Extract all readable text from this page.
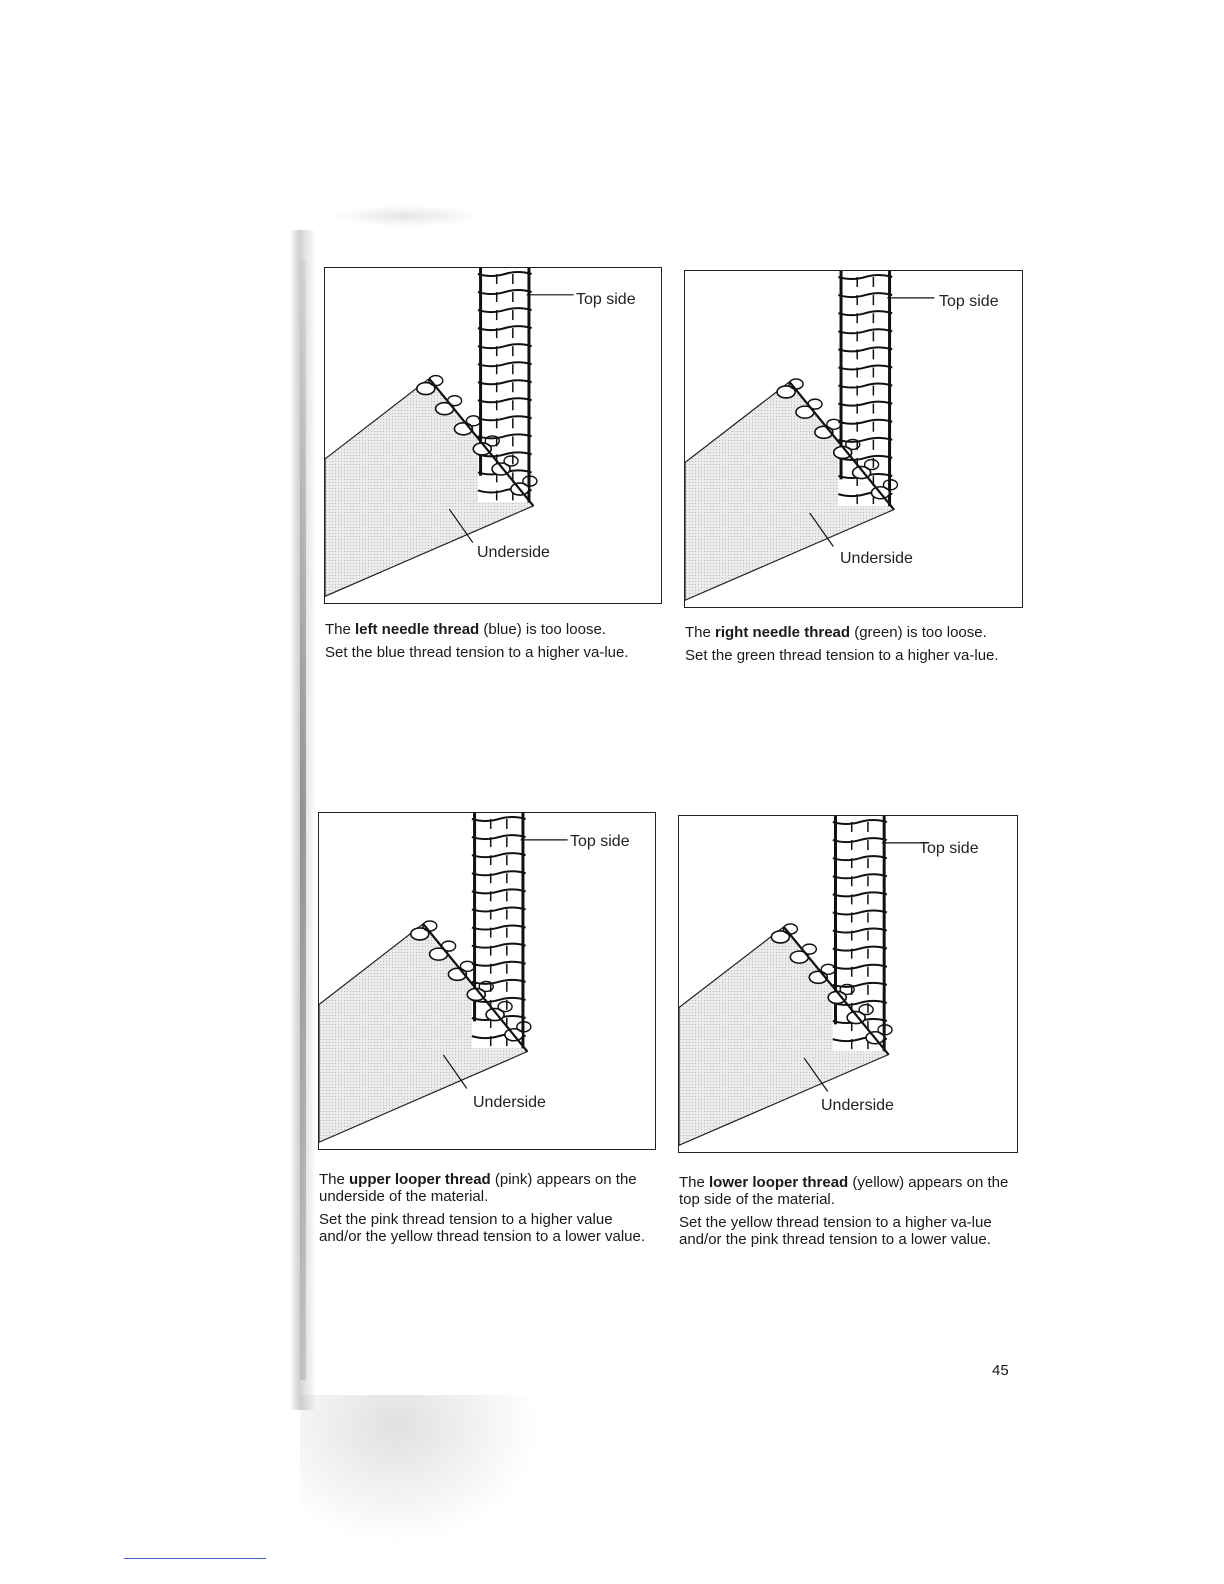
Top side
Underside

The left needle thread (blue) is too loose.

Set the blue thread tension to a higher va-lue.

Top side
Underside

The right needle thread (green) is too loose.

Set the green thread tension to a higher va-lue.

Top side
Underside

The upper looper thread (pink) appears on the underside of the material.

Set the pink thread tension to a higher value and/or the yellow thread tension to a lower value.

Top side
Underside

The lower looper thread (yellow) appears on the top side of the material.

Set the yellow thread tension to a higher va-lue and/or the pink thread tension to a lower value.

45
